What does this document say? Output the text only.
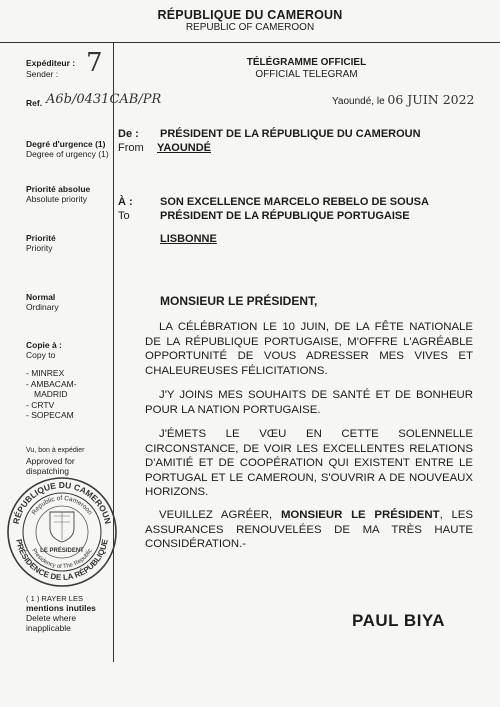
RÉPUBLIQUE DU CAMEROUN
REPUBLIC OF CAMEROON
Expéditeur :
Sender : 7
Ref. A6b/0431CAB/PR
Degré d'urgence (1)
Degree of urgency (1)
Priorité absolue
Absolute priority
Priorité
Priority
Normal
Ordinary
Copie à :
Copy to
- MINREX
- AMBACAM-
MADRID
- CRTV
- SOPECAM
Vu, bon à expédier
Approved for
dispatching
RÉPUBLIQUE DU CAMEROUN
PRÉSIDENCE DE LA RÉPUBLIQUE
Republic of Cameroon
Presidency of The Republic
LE PRÉSIDENT
( 1 ) RAYER LES
mentions inutiles
Delete where
inapplicable
TÉLÉGRAMME OFFICIEL
OFFICIAL TELEGRAM
Yaoundé, le 06 JUIN 2022
De :
From
PRÉSIDENT DE LA RÉPUBLIQUE DU CAMEROUN
YAOUNDÉ
À :
To
SON EXCELLENCE MARCELO REBELO DE SOUSA
PRÉSIDENT DE LA RÉPUBLIQUE PORTUGAISE
LISBONNE
MONSIEUR LE PRÉSIDENT,
LA CÉLÉBRATION LE 10 JUIN, DE LA FÊTE NATIONALE DE LA RÉPUBLIQUE PORTUGAISE, M'OFFRE L'AGRÉABLE OPPORTUNITÉ DE VOUS ADRESSER MES VIVES ET CHALEUREUSES FÉLICITATIONS.
J'Y JOINS MES SOUHAITS DE SANTÉ ET DE BONHEUR POUR LA NATION PORTUGAISE.
J'ÉMETS LE VŒU EN CETTE SOLENNELLE CIRCONSTANCE, DE VOIR LES EXCELLENTES RELATIONS D'AMITIÉ ET DE COOPÉRATION QUI EXISTENT ENTRE LE PORTUGAL ET LE CAMEROUN, S'OUVRIR A DE NOUVEAUX HORIZONS.
VEUILLEZ AGRÉER, MONSIEUR LE PRÉSIDENT, LES ASSURANCES RENOUVELÉES DE MA TRÈS HAUTE CONSIDÉRATION.-
PAUL BIYA
